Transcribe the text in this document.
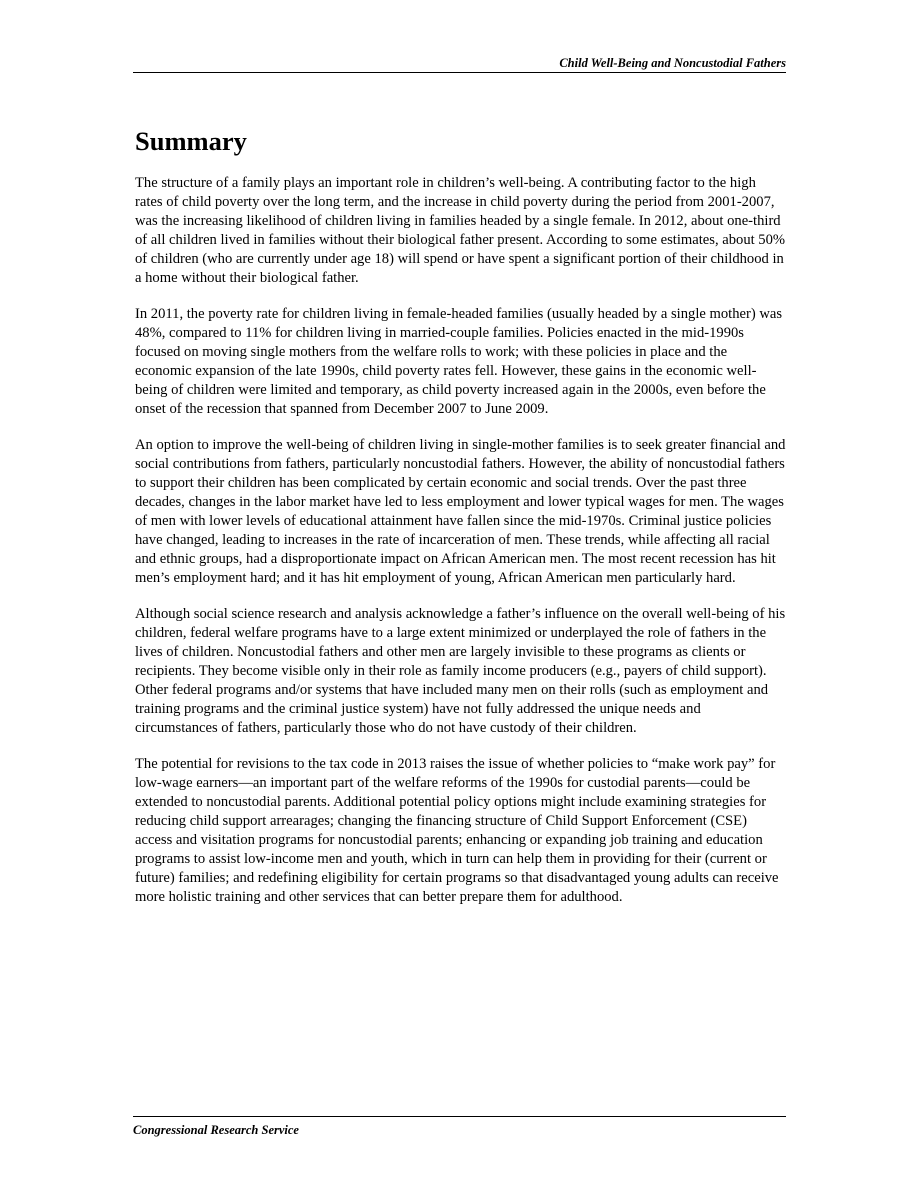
Child Well-Being and Noncustodial Fathers
Summary

The structure of a family plays an important role in children’s well-being. A contributing factor to the high rates of child poverty over the long term, and the increase in child poverty during the period from 2001-2007, was the increasing likelihood of children living in families headed by a single female. In 2012, about one-third of all children lived in families without their biological father present. According to some estimates, about 50% of children (who are currently under age 18) will spend or have spent a significant portion of their childhood in a home without their biological father.

In 2011, the poverty rate for children living in female-headed families (usually headed by a single mother) was 48%, compared to 11% for children living in married-couple families. Policies enacted in the mid-1990s focused on moving single mothers from the welfare rolls to work; with these policies in place and the economic expansion of the late 1990s, child poverty rates fell. However, these gains in the economic well-being of children were limited and temporary, as child poverty increased again in the 2000s, even before the onset of the recession that spanned from December 2007 to June 2009.

An option to improve the well-being of children living in single-mother families is to seek greater financial and social contributions from fathers, particularly noncustodial fathers. However, the ability of noncustodial fathers to support their children has been complicated by certain economic and social trends. Over the past three decades, changes in the labor market have led to less employment and lower typical wages for men. The wages of men with lower levels of educational attainment have fallen since the mid-1970s. Criminal justice policies have changed, leading to increases in the rate of incarceration of men. These trends, while affecting all racial and ethnic groups, had a disproportionate impact on African American men. The most recent recession has hit men’s employment hard; and it has hit employment of young, African American men particularly hard.

Although social science research and analysis acknowledge a father’s influence on the overall well-being of his children, federal welfare programs have to a large extent minimized or underplayed the role of fathers in the lives of children. Noncustodial fathers and other men are largely invisible to these programs as clients or recipients. They become visible only in their role as family income producers (e.g., payers of child support). Other federal programs and/or systems that have included many men on their rolls (such as employment and training programs and the criminal justice system) have not fully addressed the unique needs and circumstances of fathers, particularly those who do not have custody of their children.

The potential for revisions to the tax code in 2013 raises the issue of whether policies to “make work pay” for low-wage earners—an important part of the welfare reforms of the 1990s for custodial parents—could be extended to noncustodial parents. Additional potential policy options might include examining strategies for reducing child support arrearages; changing the financing structure of Child Support Enforcement (CSE) access and visitation programs for noncustodial parents; enhancing or expanding job training and education programs to assist low-income men and youth, which in turn can help them in providing for their (current or future) families; and redefining eligibility for certain programs so that disadvantaged young adults can receive more holistic training and other services that can better prepare them for adulthood.

Congressional Research Service
